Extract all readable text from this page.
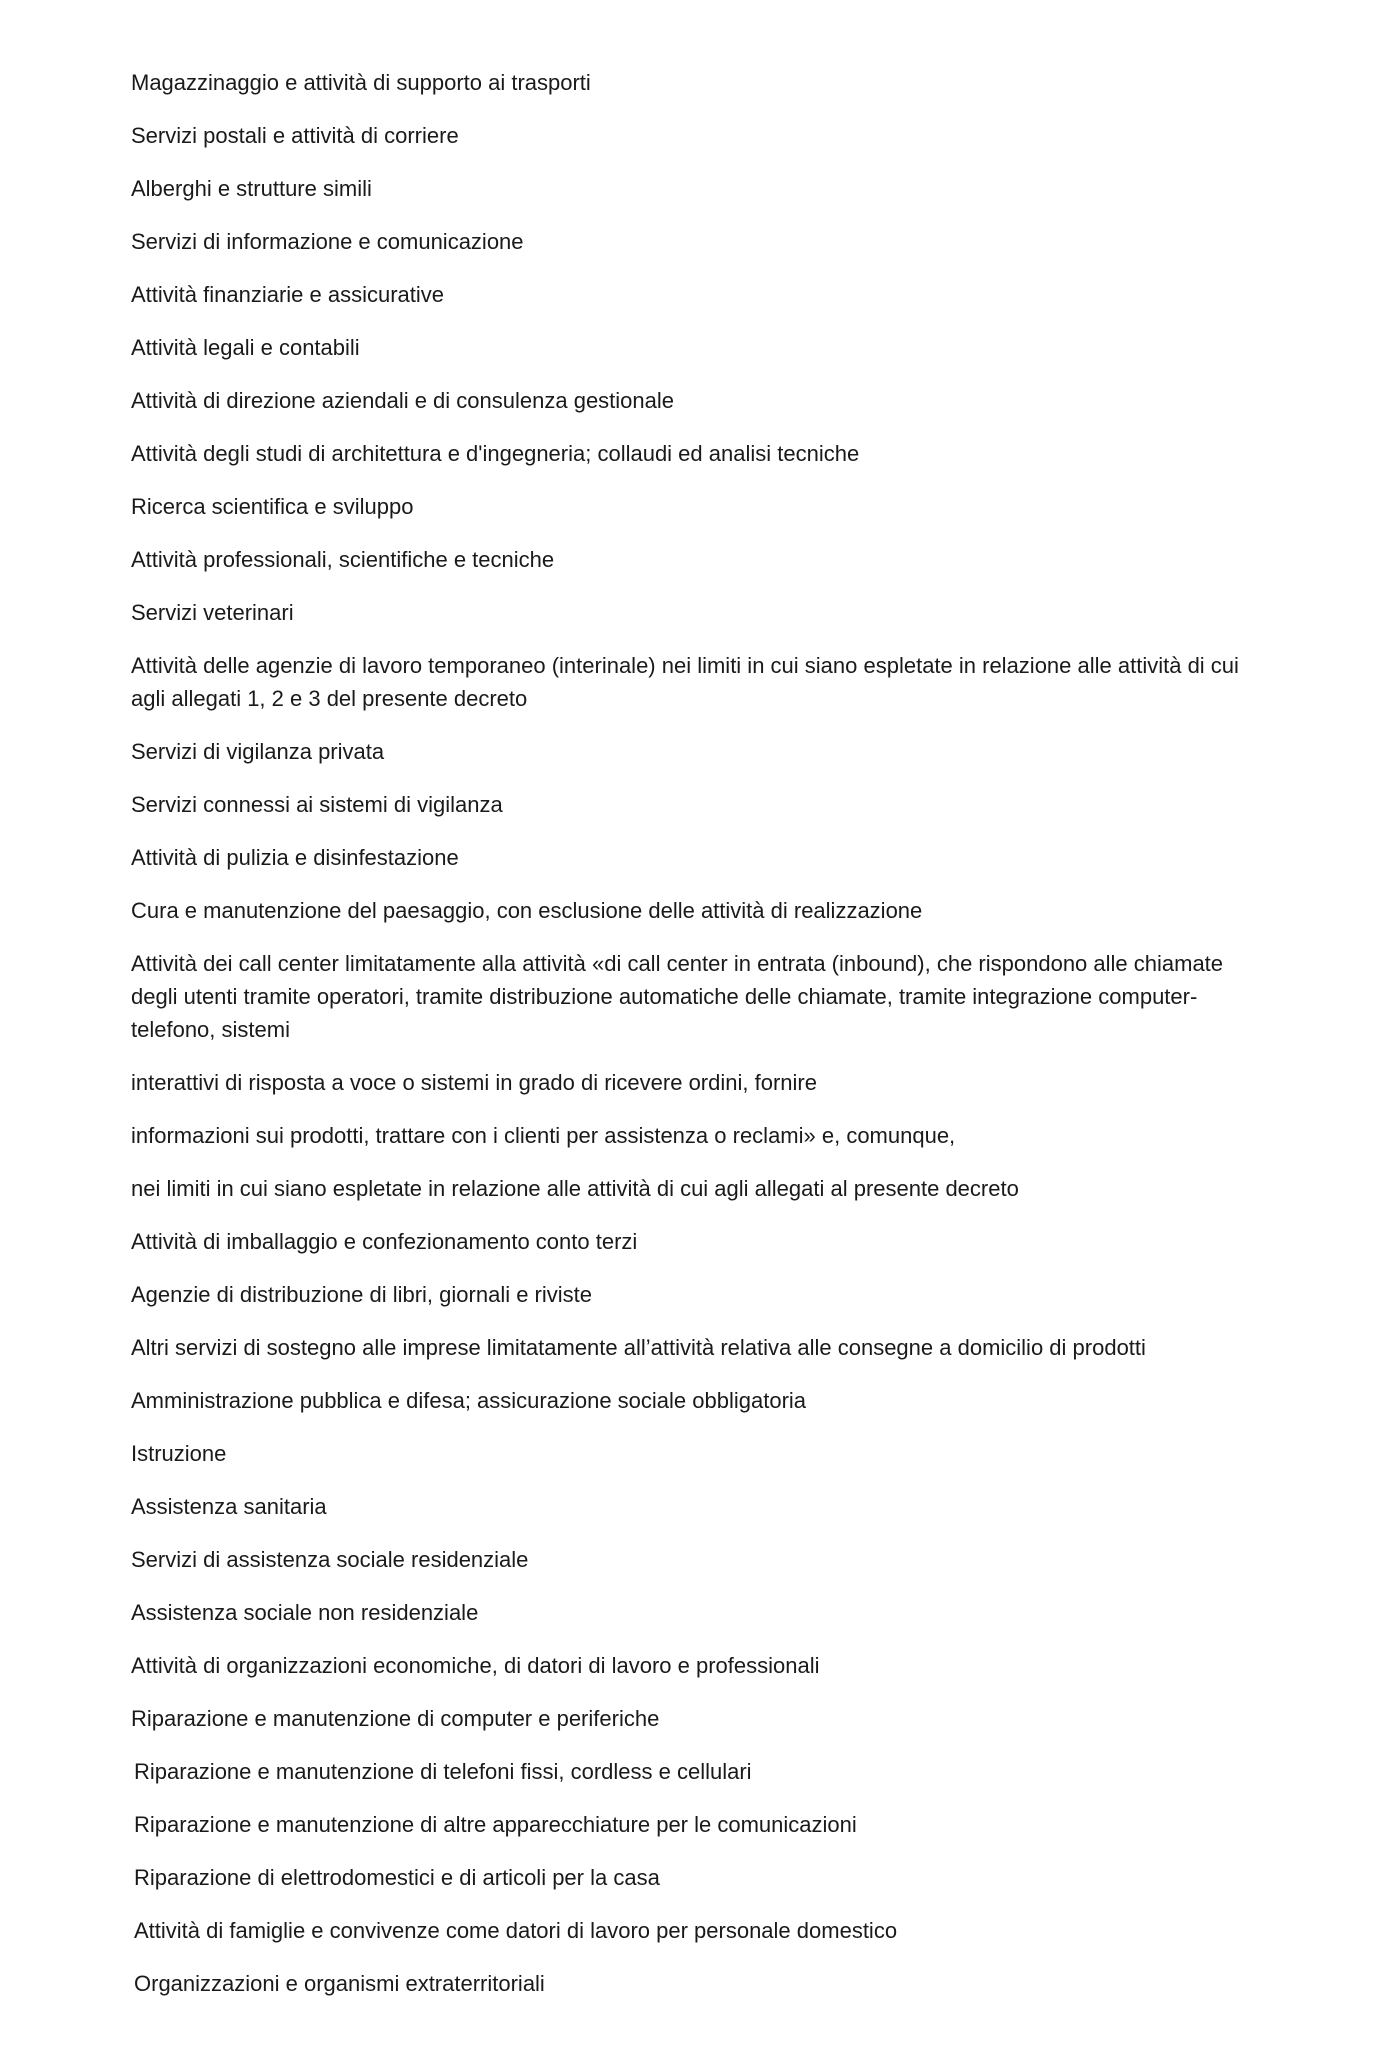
Magazzinaggio e attività di supporto ai trasporti
Servizi postali e attività di corriere
Alberghi e strutture simili
Servizi di informazione e comunicazione
Attività finanziarie e assicurative
Attività legali e contabili
Attività di direzione aziendali e di consulenza gestionale
Attività degli studi di architettura e d'ingegneria; collaudi ed analisi tecniche
Ricerca scientifica e sviluppo
Attività professionali, scientifiche e tecniche
Servizi veterinari
Attività delle agenzie di lavoro temporaneo (interinale) nei limiti in cui siano espletate in relazione alle attività di cui agli allegati 1, 2 e 3 del presente decreto
Servizi di vigilanza privata
Servizi connessi ai sistemi di vigilanza
Attività di pulizia e disinfestazione
Cura e manutenzione del paesaggio, con esclusione delle attività di realizzazione
Attività dei call center limitatamente alla attività «di call center in entrata (inbound), che rispondono alle chiamate degli utenti tramite operatori, tramite distribuzione automatiche delle chiamate, tramite integrazione computer-telefono, sistemi
interattivi di risposta a voce o sistemi in grado di ricevere ordini, fornire
informazioni sui prodotti, trattare con i clienti per assistenza o reclami» e, comunque,
nei limiti in cui siano espletate in relazione alle attività di cui agli allegati al presente decreto
Attività di imballaggio e confezionamento conto terzi
Agenzie di distribuzione di libri, giornali e riviste
Altri servizi di sostegno alle imprese limitatamente all’attività relativa alle consegne a domicilio di prodotti
Amministrazione pubblica e difesa; assicurazione sociale obbligatoria
Istruzione
Assistenza sanitaria
Servizi di assistenza sociale residenziale
Assistenza sociale non residenziale
Attività di organizzazioni economiche, di datori di lavoro e professionali
Riparazione e manutenzione di computer e periferiche
Riparazione e manutenzione di telefoni fissi, cordless e cellulari
Riparazione e manutenzione di altre apparecchiature per le comunicazioni
Riparazione di elettrodomestici e di articoli per la casa
Attività di famiglie e convivenze come datori di lavoro per personale domestico
Organizzazioni e organismi extraterritoriali
